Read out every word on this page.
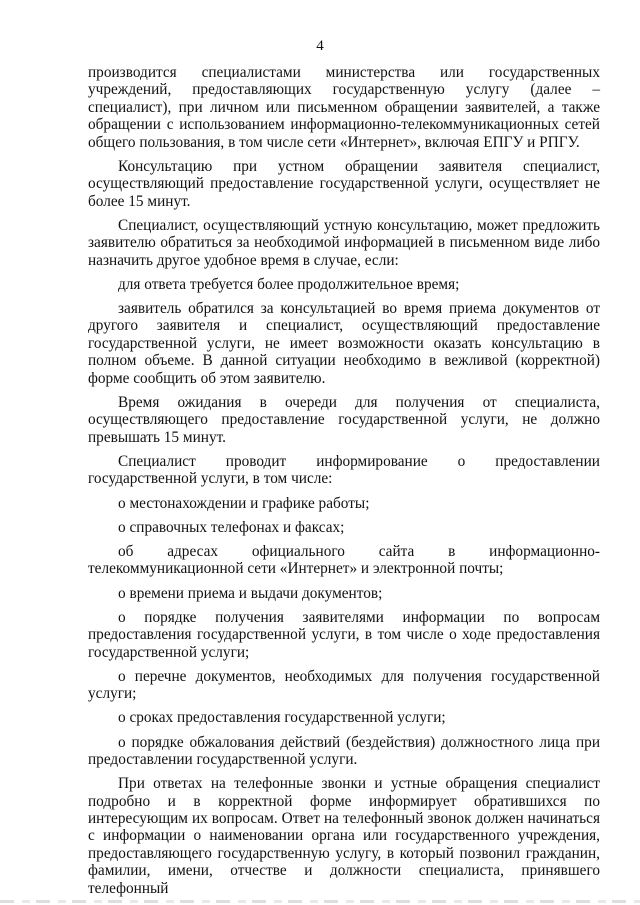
4

производится специалистами министерства или государственных учреждений, предоставляющих государственную услугу (далее – специалист), при личном или письменном обращении заявителей, а также обращении с использованием информационно-телекоммуникационных сетей общего пользования, в том числе сети «Интернет», включая ЕПГУ и РПГУ.

Консультацию при устном обращении заявителя специалист, осуществляющий предоставление государственной услуги, осуществляет не более 15 минут.

Специалист, осуществляющий устную консультацию, может предложить заявителю обратиться за необходимой информацией в письменном виде либо назначить другое удобное время в случае, если:

для ответа требуется более продолжительное время;

заявитель обратился за консультацией во время приема документов от другого заявителя и специалист, осуществляющий предоставление государственной услуги, не имеет возможности оказать консультацию в полном объеме. В данной ситуации необходимо в вежливой (корректной) форме сообщить об этом заявителю.

Время ожидания в очереди для получения от специалиста, осуществляющего предоставление государственной услуги, не должно превышать 15 минут.

Специалист проводит информирование о предоставлении государственной услуги, в том числе:

о местонахождении и графике работы;

о справочных телефонах и факсах;

об адресах официального сайта в информационно-телекоммуникационной сети «Интернет» и электронной почты;

о времени приема и выдачи документов;

о порядке получения заявителями информации по вопросам предоставления государственной услуги, в том числе о ходе предоставления государственной услуги;

о перечне документов, необходимых для получения государственной услуги;

о сроках предоставления государственной услуги;

о порядке обжалования действий (бездействия) должностного лица при предоставлении государственной услуги.

При ответах на телефонные звонки и устные обращения специалист подробно и в корректной форме информирует обратившихся по интересующим их вопросам. Ответ на телефонный звонок должен начинаться с информации о наименовании органа или государственного учреждения, предоставляющего государственную услугу, в который позвонил гражданин, фамилии, имени, отчестве и должности специалиста, принявшего телефонный
